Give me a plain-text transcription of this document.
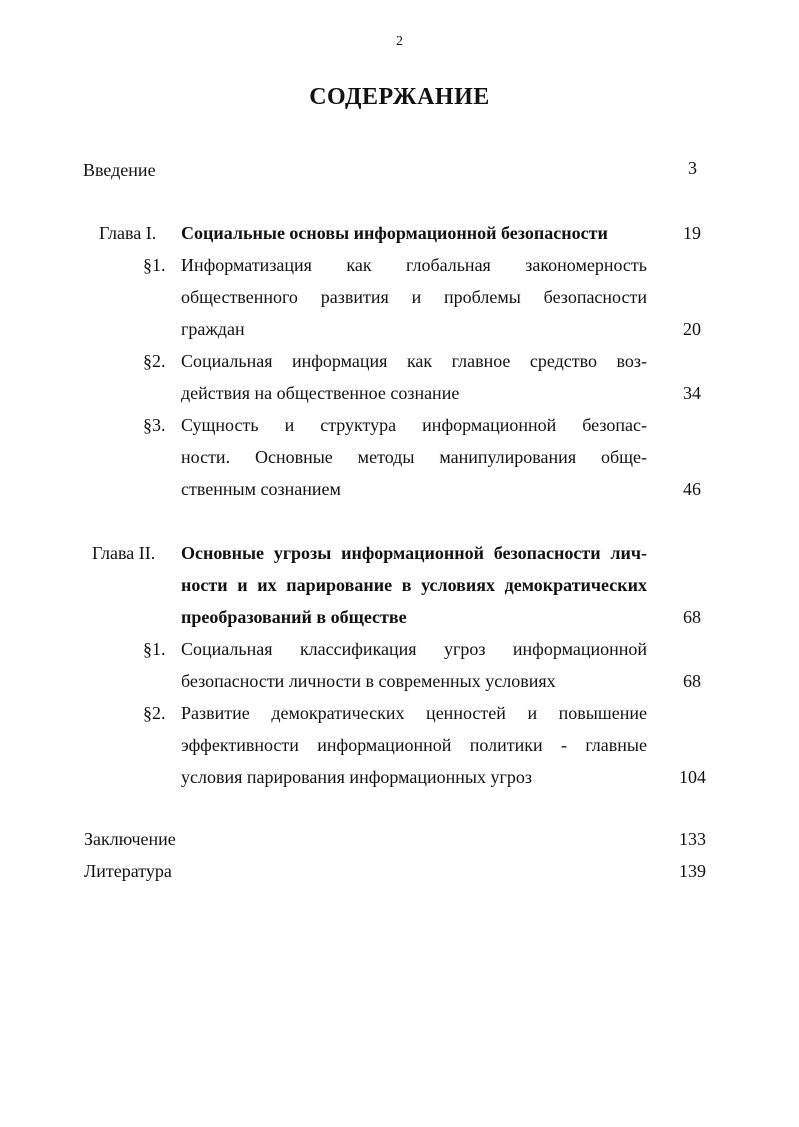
2
СОДЕРЖАНИЕ
Введение	3
Глава I. Социальные основы информационной безопасности	19
§1. Информатизация как глобальная закономерность
общественного развития и проблемы безопасности
граждан	20
§2. Социальная информация как главное средство воз-
действия на общественное сознание	34
§3. Сущность и структура информационной безопас-
ности. Основные методы манипулирования обще-
ственным сознанием	46
Глава II. Основные угрозы информационной безопасности лич-
ности и их парирование в условиях демократических
преобразований в обществе	68
§1. Социальная классификация угроз информационной
безопасности личности в современных условиях	68
§2. Развитие демократических ценностей и повышение
эффективности информационной политики - главные
условия парирования информационных угроз	104
Заключение	133
Литература	139
